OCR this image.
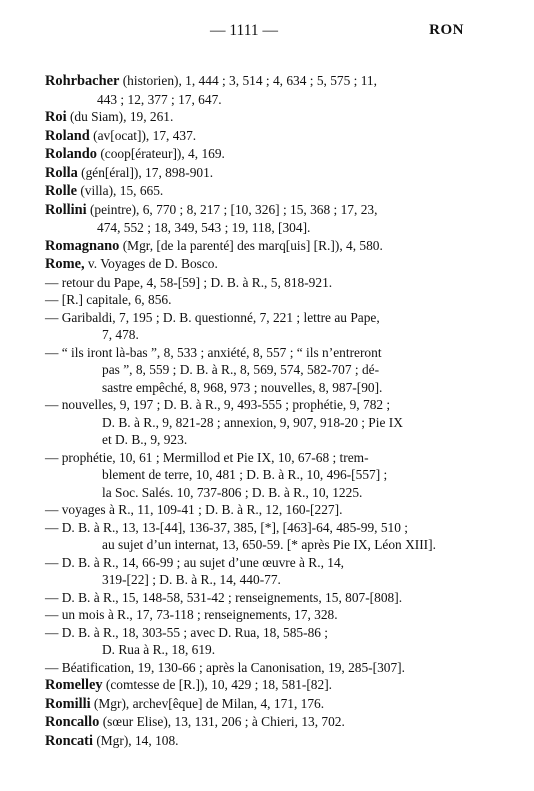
— 1111 —	RON
Rohrbacher (historien), 1, 444 ; 3, 514 ; 4, 634 ; 5, 575 ; 11,
443 ; 12, 377 ; 17, 647.
Roi (du Siam), 19, 261.
Roland (av[ocat]), 17, 437.
Rolando (coop[érateur]), 4, 169.
Rolla (gén[éral]), 17, 898-901.
Rolle (villa), 15, 665.
Rollini (peintre), 6, 770 ; 8, 217 ; [10, 326] ; 15, 368 ; 17, 23,
474, 552 ; 18, 349, 543 ; 19, 118, [304].
Romagnano (Mgr, [de la parenté] des marq[uis] [R.]), 4, 580.
Rome, v. Voyages de D. Bosco.
— retour du Pape, 4, 58-[59] ; D. B. à R., 5, 818-921.
— [R.] capitale, 6, 856.
— Garibaldi, 7, 195 ; D. B. questionné, 7, 221 ; lettre au Pape,
7, 478.
— “ ils iront là-bas ”, 8, 533 ; anxiété, 8, 557 ; “ ils n’entreront
pas ”, 8, 559 ; D. B. à R., 8, 569, 574, 582-707 ; dé-
sastre empêché, 8, 968, 973 ; nouvelles, 8, 987-[90].
— nouvelles, 9, 197 ; D. B. à R., 9, 493-555 ; prophétie, 9, 782 ;
D. B. à R., 9, 821-28 ; annexion, 9, 907, 918-20 ; Pie IX
et D. B., 9, 923.
— prophétie, 10, 61 ; Mermillod et Pie IX, 10, 67-68 ; trem-
blement de terre, 10, 481 ; D. B. à R., 10, 496-[557] ;
la Soc. Salés. 10, 737-806 ; D. B. à R., 10, 1225.
— voyages à R., 11, 109-41 ; D. B. à R., 12, 160-[227].
— D. B. à R., 13, 13-[44], 136-37, 385, [*], [463]-64, 485-99, 510 ;
au sujet d’un internat, 13, 650-59. [* après Pie IX, Léon XIII].
— D. B. à R., 14, 66-99 ; au sujet d’une œuvre à R., 14,
319-[22] ; D. B. à R., 14, 440-77.
— D. B. à R., 15, 148-58, 531-42 ; renseignements, 15, 807-[808].
— un mois à R., 17, 73-118 ; renseignements, 17, 328.
— D. B. à R., 18, 303-55 ; avec D. Rua, 18, 585-86 ;
D. Rua à R., 18, 619.
— Béatification, 19, 130-66 ; après la Canonisation, 19, 285-[307].
Romelley (comtesse de [R.]), 10, 429 ; 18, 581-[82].
Romilli (Mgr), archev[êque] de Milan, 4, 171, 176.
Roncallo (sœur Elise), 13, 131, 206 ; à Chieri, 13, 702.
Roncati (Mgr), 14, 108.
